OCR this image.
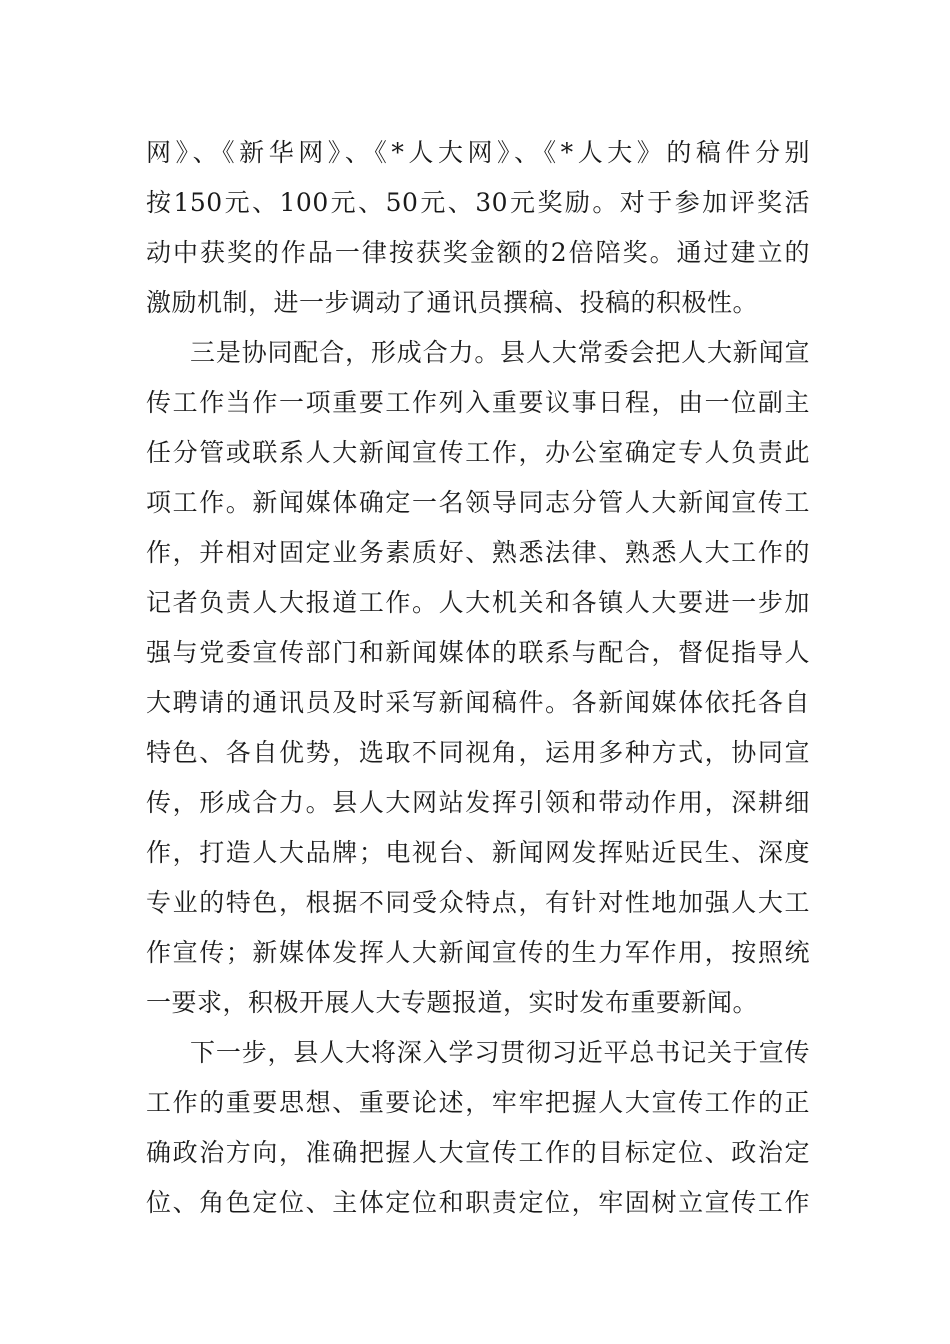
网》、《新华网》、《*人大网》、《*人大》的稿件分别
按150元、100元、50元、30元奖励。对于参加评奖活
动中获奖的作品一律按获奖金额的2倍陪奖。通过建立的
激励机制，进一步调动了通讯员撰稿、投稿的积极性。
三是协同配合，形成合力。县人大常委会把人大新闻宣
传工作当作一项重要工作列入重要议事日程，由一位副主
任分管或联系人大新闻宣传工作，办公室确定专人负责此
项工作。新闻媒体确定一名领导同志分管人大新闻宣传工
作，并相对固定业务素质好、熟悉法律、熟悉人大工作的
记者负责人大报道工作。人大机关和各镇人大要进一步加
强与党委宣传部门和新闻媒体的联系与配合，督促指导人
大聘请的通讯员及时采写新闻稿件。各新闻媒体依托各自
特色、各自优势，选取不同视角，运用多种方式，协同宣
传，形成合力。县人大网站发挥引领和带动作用，深耕细
作，打造人大品牌；电视台、新闻网发挥贴近民生、深度
专业的特色，根据不同受众特点，有针对性地加强人大工
作宣传；新媒体发挥人大新闻宣传的生力军作用，按照统
一要求，积极开展人大专题报道，实时发布重要新闻。
下一步，县人大将深入学习贯彻习近平总书记关于宣传
工作的重要思想、重要论述，牢牢把握人大宣传工作的正
确政治方向，准确把握人大宣传工作的目标定位、政治定
位、角色定位、主体定位和职责定位，牢固树立宣传工作
